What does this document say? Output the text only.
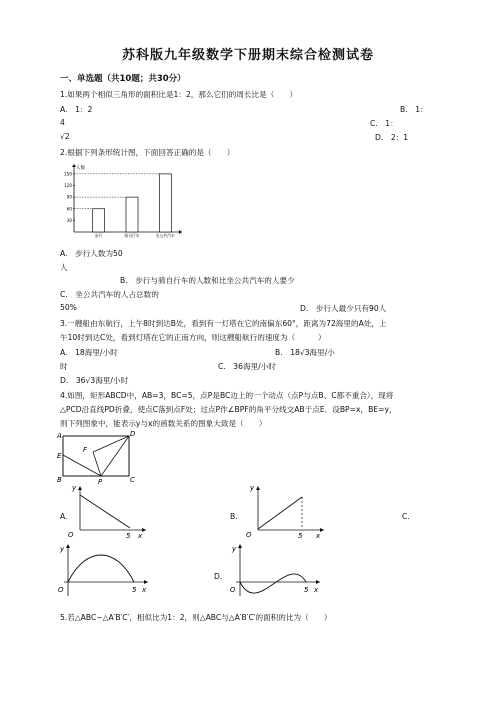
苏科版九年级数学下册期末综合检测试卷
一、单选题（共10题；共30分）
1.如果两个相似三角形的面积比是1：2，那么它们的周长比是（　　）
A.　1：2	B.　1：
4	C.　1：
√2	D.　2：1
2.根据下列条形统计图，下面回答正确的是（　　）
人数
30
60
90
120
150
步行	骑自行车	坐公共汽车
A.　步行人数为50
人
B.　步行与骑自行车的人数和比坐公共汽车的人要少
C.　坐公共汽车的人占总数的
50%	D.　步行人最少只有90人
3.一艘船由东航行，上午8时到达B处，看到有一灯塔在它的南偏东60°，距离为72海里的A处，上
午10时到达C处，看到灯塔在它的正南方向，则这艘船航行的速度为（　　　）
A.　18海里/小时	B.　18√3海里/小
时	C.　36海里/小时
D.　36√3海里/小时
4.如图，矩形ABCD中，AB=3，BC=5，点P是BC边上的一个动点（点P与点B、C都不重合），现将
△PCD沿直线PD折叠，使点C落到点F处；过点P作∠BPF的角平分线交AB于点E．设BP=x，BE=y，
则下列图象中，能表示y与x的函数关系的图象大致是（　　）
A	D
F
E
B	P	C
A.
y
O	5 x
B.
y
O	5 x
C.
y
O	5 x
D.
y
O	5 x
5.若△ABC∽△A′B′C′，相似比为1：2，则△ABC与△A′B′C′的面积的比为（　　）
